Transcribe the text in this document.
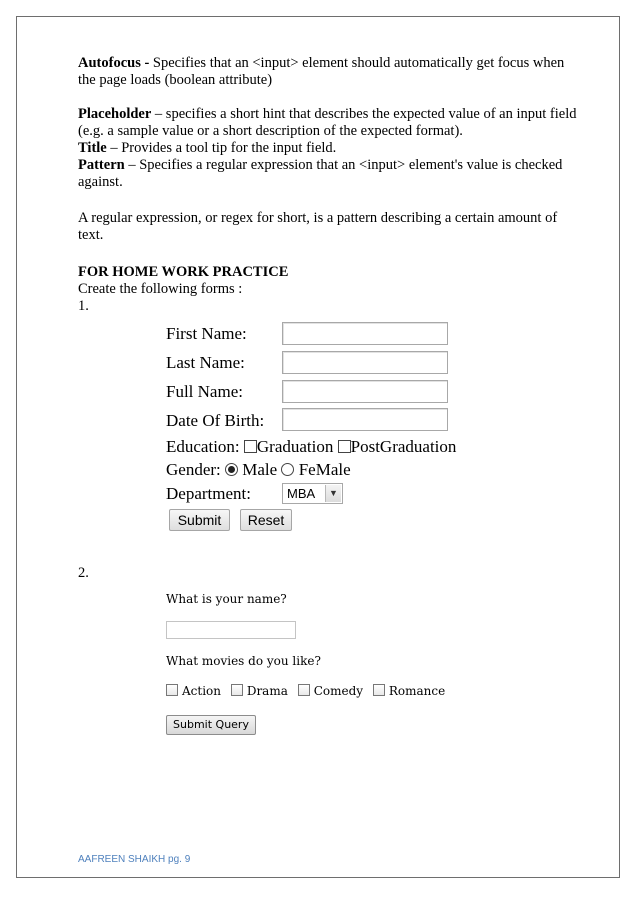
Autofocus - Specifies that an <input> element should automatically get focus when the page loads (boolean attribute)
Placeholder – specifies a short hint that describes the expected value of an input field (e.g. a sample value or a short description of the expected format).
Title – Provides a tool tip for the input field.
Pattern – Specifies a regular expression that an <input> element's value is checked against.
A regular expression, or regex for short, is a pattern describing a certain amount of text.
FOR HOME WORK PRACTICE
Create the following forms :
1.
First Name:
Last Name:
Full Name:
Date Of Birth:
Education: Graduation PostGraduation
Gender: Male FeMale
Department:	MBA	▼
Submit	Reset
2.
What is your name?
What movies do you like?
Action Drama Comedy Romance
Submit Query
AAFREEN SHAIKH pg. 9
